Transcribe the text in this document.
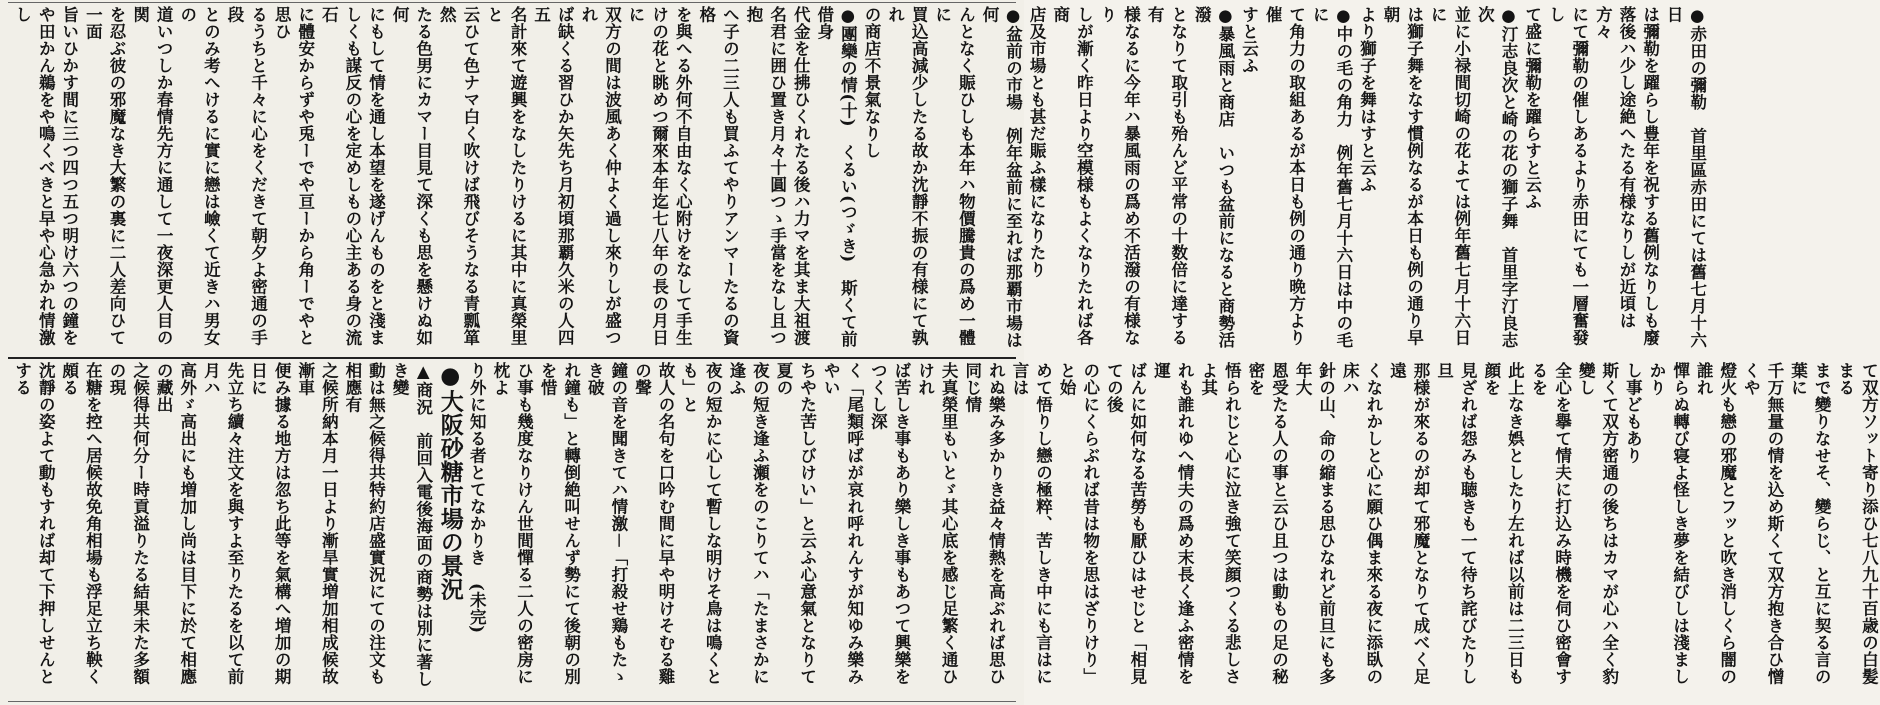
●赤田の彌勒　首里區赤田にては舊七月十六日
は彌勒を躍らし豊年を祝する舊例なりしも廢
落後ハ少し途絶へたる有様なりしが近頃は方々
にて彌勒の催しあるより赤田にても一層奮發し
て盛に彌勒を躍らすと云ふ
●汀志良次と崎の花の獅子舞　首里字汀良志次
並に小禄間切崎の花よては例年舊七月十六日に
は獅子舞をなす慣例なるが本日も例の通り早朝
より獅子を舞はすと云ふ
●中の毛の角力　例年舊七月十六日は中の毛に
て角力の取組あるが本日も例の通り晩方より催
すと云ふ
●暴風雨と商店　いつも盆前になると商勢活潑
となりて取引も殆んど平常の十数倍に達する有
様なるに今年ハ暴風雨の爲め不活潑の有様なり
しが漸く昨日より空模様もよくなりたれば各商
店及市場とも甚だ賑ふ樣になりたり
●盆前の市場　例年盆前に至れば那覇市場は何
んとなく賑ひしも本年ハ物價騰貴の爲め一體に
買込高減少したる故か沈靜不振の有様にて孰れ
の商店不景氣なりし
●團欒の情(十)　くるい(つゞき)　斯くて前借身
代金を仕拂ひくれたる後ハ力マを其ま大祖渡
名君に囲ひ置き月々十圓つゝ手當をなし且つ抱
へ子の二三人も買ふてやりアンマーたるの資格
を與へる外何不自由なく心附けをなして手生
けの花と眺めつ爾來本年迄七八年の長の月日に
双方の間は波風あく仲よく過し來りしが盛つれ
ば缺くる習ひか矢先ち月初頃那覇久米の人四五
名計來て遊興をなしたりけるに其中に真榮里と
云ひて色ナマ白く吹けば飛びそうなる青瓢箪然
たる色男にカマー目見て深くも思を懸けぬ如何
にもして情を通し本望を遂げんものをと淺ま
しくも謀反の心を定めしもの心主ある身の流石
に體安からずや兎ーでや亘ーから角ーでやと思ひ
るうちと千々に心をくだきて朝夕よ密通の手段
とのみ考へけるに實に戀は嶮くて近きハ男女の
道いつしか春情先方に通して一夜深更人目の関
を忍ぶ彼の邪魔なき大繁の裏に二人差向ひて一面
旨いひかす間に三つ四つ五つ明け六つの鐘を
や田かん鵜をや鳴くべきと早や心急かれ情激し
て双方ソット寄り添ひ七八九十百歳の白髪まる
まで變りなせそ、變らじ、と互に契る言の葉に
千万無量の情を込め斯くて双方抱き合ひ憎くや
燈火も戀の邪魔とフッと吹き消しくら闇の誰れ
憚らぬ轉び寝よ怪しき夢を結びしは淺ましかり
し事どもあり
斯くて双方密通の後ちはカマが心ハ全く豹變し
全心を擧て情夫に打込み時機を伺ひ密會するを
此上なき娯としたり左れば以前は二三日も顔を
見ざれば怨みも聴きも一て待ち詫びたりし旦
那様が來るのが却て邪魔となりて成べく足遠
くなれかしと心に願ひ偶ま來る夜に添臥の床ハ
針の山、命の縮まる思ひなれど前旦にも多年大
恩受たる人の事と云ひ且つは動もの足の秘密を
悟られじと心に泣き強て笑顔つくる悲しさよ其
れも誰れゆへ情夫の爲め末長く逢ふ密情を運
ばんに如何なる苦勞も厭ひはせじと「相見ての後
の心にくらぶれば昔は物を思はざりけり」と始
めて悟りし戀の極粹、苦しき中にも言はに言は
れぬ樂み多かりき益々情熱を高ぶれば思ひ同じ情
夫真榮里もいとゞ其心底を感じ足繁く通ひけれ
ば苦しき事もあり樂しき事もあつて興樂をつくし深
く「尾類呼ばが哀れ呼れんすが知ゆみ樂みやい
ちやた苦しびけい」と云ふ心意氣となりて夏の
夜の短き逢ふ瀬をのこりてハ「たまさかに逢ふ
夜の短かに心して暫しな明けそ鳥は鳴くとも」と
故人の名句を口吟む間に早や明けそむる雞の聲
鐘の音を聞きてハ情激－「打殺せ鶏もたゝき破
れ鐘も」と轉倒絶叫せんず勢にて後朝の別を惜
ひ事も幾度なりけん世間憚る二人の密房に枕よ
り外に知る者とてなかりき　(未完)
●大阪砂糖市場の景況
▲商況　前回入電後海面の商勢は別に著しき變
動は無之候得共特約店盛實況にての注文も相應有
之候所納本月一日より漸旱實増加相成候故漸車
便み據る地方は忽ち此等を氣構へ増加の期日に
先立ち續々注文を與すよ至りたるを以て前月ハ
高外ゞ高出にも増加し尚は目下に於て相應の藏出
之候得共何分ー時貢溢りたる結果未た多額の現
在糖を控へ居候故免角相場も浮足立ち鞅く頗る
沈靜の姿よて動もすれば却て下押しせんとする
